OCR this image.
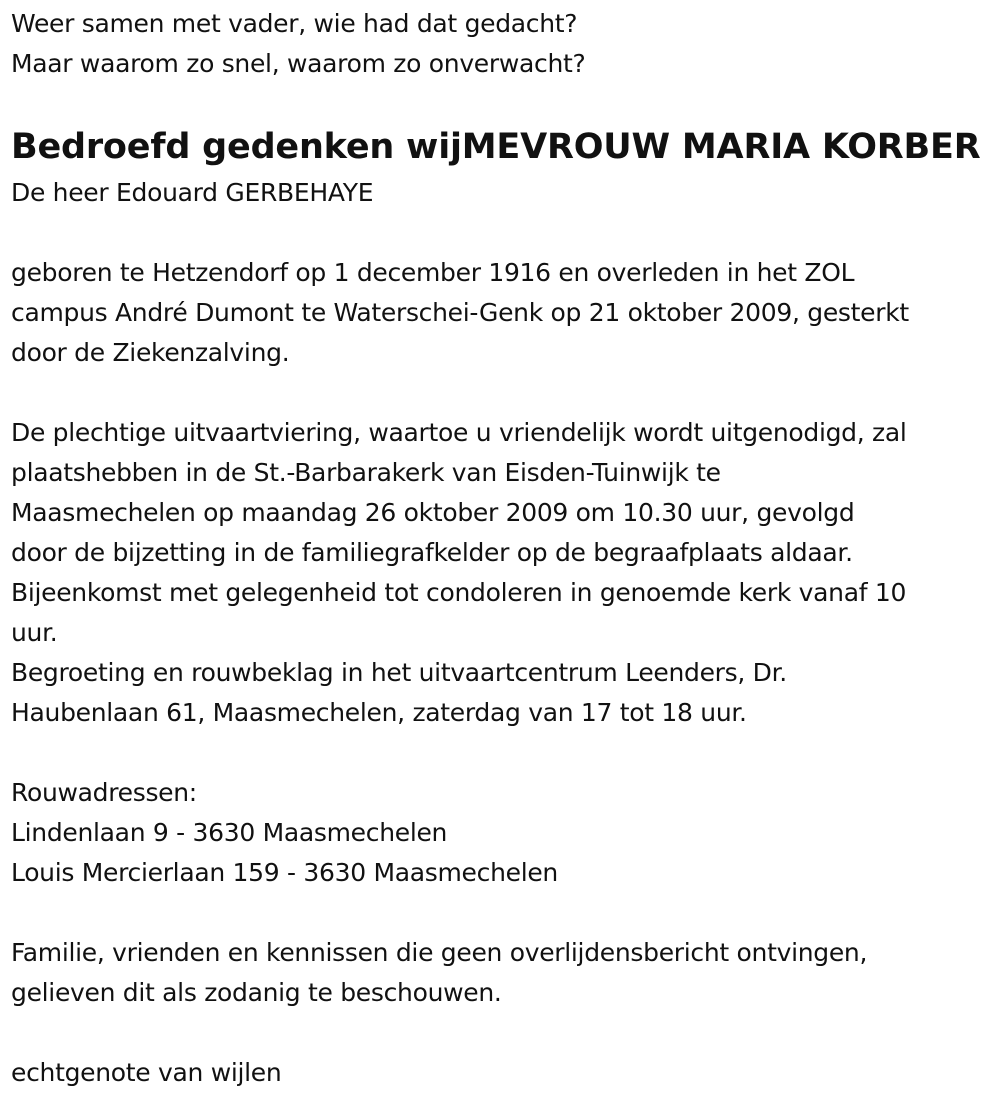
Weer samen met vader, wie had dat gedacht?
Maar waarom zo snel, waarom zo onverwacht?
Bedroefd gedenken wijMEVROUW MARIA KORBER
De heer Edouard GERBEHAYE
geboren te Hetzendorf op 1 december 1916 en overleden in het ZOL
campus André Dumont te Waterschei-Genk op 21 oktober 2009, gesterkt
door de Ziekenzalving.
De plechtige uitvaartviering, waartoe u vriendelijk wordt uitgenodigd, zal
plaatshebben in de St.-Barbarakerk van Eisden-Tuinwijk te
Maasmechelen op maandag 26 oktober 2009 om 10.30 uur, gevolgd
door de bijzetting in de familiegrafkelder op de begraafplaats aldaar.
Bijeenkomst met gelegenheid tot condoleren in genoemde kerk vanaf 10
uur.
Begroeting en rouwbeklag in het uitvaartcentrum Leenders, Dr.
Haubenlaan 61, Maasmechelen, zaterdag van 17 tot 18 uur.
Rouwadressen:
Lindenlaan 9 - 3630 Maasmechelen
Louis Mercierlaan 159 - 3630 Maasmechelen
Familie, vrienden en kennissen die geen overlijdensbericht ontvingen,
gelieven dit als zodanig te beschouwen.
echtgenote van wijlen
